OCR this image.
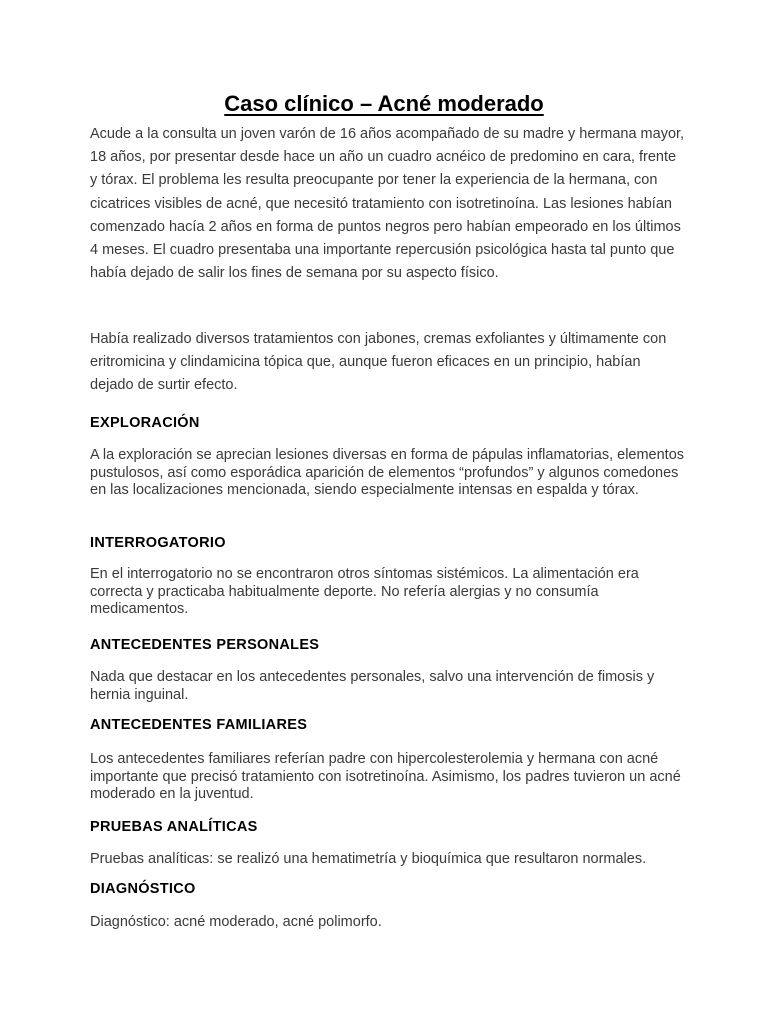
Caso clínico – Acné moderado

Acude a la consulta un joven varón de 16 años acompañado de su madre y hermana mayor, 18 años, por presentar desde hace un año un cuadro acnéico de predomino en cara, frente y tórax. El problema les resulta preocupante por tener la experiencia de la hermana, con cicatrices visibles de acné, que necesitó tratamiento con isotretinoína. Las lesiones habían comenzado hacía 2 años en forma de puntos negros pero habían empeorado en los últimos 4 meses. El cuadro presentaba una importante repercusión psicológica hasta tal punto que había dejado de salir los fines de semana por su aspecto físico.

Había realizado diversos tratamientos con jabones, cremas exfoliantes y últimamente con eritromicina y clindamicina tópica que, aunque fueron eficaces en un principio, habían dejado de surtir efecto.

EXPLORACIÓN

A la exploración se aprecian lesiones diversas en forma de pápulas inflamatorias, elementos pustulosos, así como esporádica aparición de elementos “profundos” y algunos comedones en las localizaciones mencionada, siendo especialmente intensas en espalda y tórax.

INTERROGATORIO

En el interrogatorio no se encontraron otros síntomas sistémicos. La alimentación era correcta y practicaba habitualmente deporte. No refería alergias y no consumía medicamentos.

ANTECEDENTES PERSONALES

Nada que destacar en los antecedentes personales, salvo una intervención de fimosis y hernia inguinal.

ANTECEDENTES FAMILIARES

Los antecedentes familiares referían padre con hipercolesterolemia y hermana con acné importante que precisó tratamiento con isotretinoína. Asimismo, los padres tuvieron un acné moderado en la juventud.

PRUEBAS ANALÍTICAS

Pruebas analíticas: se realizó una hematimetría y bioquímica que resultaron normales.

DIAGNÓSTICO

Diagnóstico: acné moderado, acné polimorfo.
